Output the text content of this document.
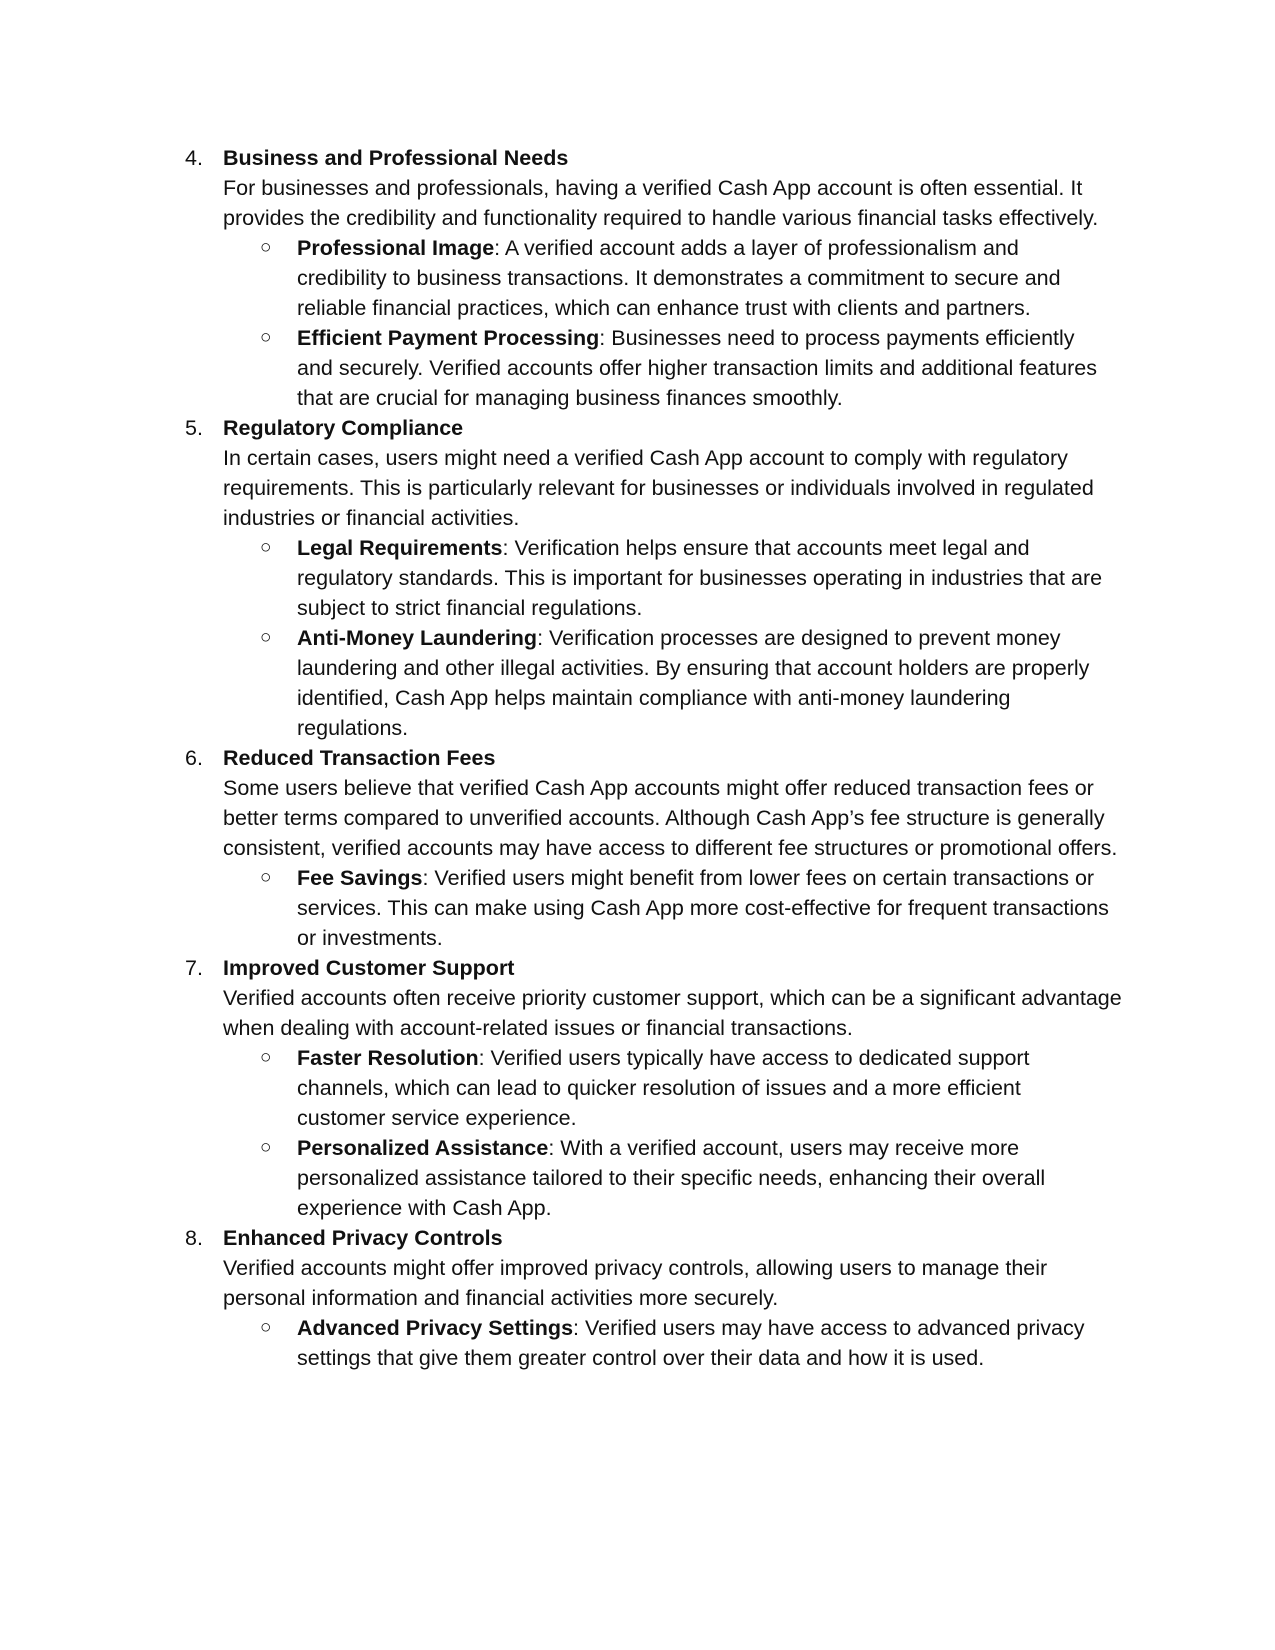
4. Business and Professional Needs
For businesses and professionals, having a verified Cash App account is often essential. It provides the credibility and functionality required to handle various financial tasks effectively.
○ Professional Image: A verified account adds a layer of professionalism and credibility to business transactions. It demonstrates a commitment to secure and reliable financial practices, which can enhance trust with clients and partners.
○ Efficient Payment Processing: Businesses need to process payments efficiently and securely. Verified accounts offer higher transaction limits and additional features that are crucial for managing business finances smoothly.
5. Regulatory Compliance
In certain cases, users might need a verified Cash App account to comply with regulatory requirements. This is particularly relevant for businesses or individuals involved in regulated industries or financial activities.
○ Legal Requirements: Verification helps ensure that accounts meet legal and regulatory standards. This is important for businesses operating in industries that are subject to strict financial regulations.
○ Anti-Money Laundering: Verification processes are designed to prevent money laundering and other illegal activities. By ensuring that account holders are properly identified, Cash App helps maintain compliance with anti-money laundering regulations.
6. Reduced Transaction Fees
Some users believe that verified Cash App accounts might offer reduced transaction fees or better terms compared to unverified accounts. Although Cash App’s fee structure is generally consistent, verified accounts may have access to different fee structures or promotional offers.
○ Fee Savings: Verified users might benefit from lower fees on certain transactions or services. This can make using Cash App more cost-effective for frequent transactions or investments.
7. Improved Customer Support
Verified accounts often receive priority customer support, which can be a significant advantage when dealing with account-related issues or financial transactions.
○ Faster Resolution: Verified users typically have access to dedicated support channels, which can lead to quicker resolution of issues and a more efficient customer service experience.
○ Personalized Assistance: With a verified account, users may receive more personalized assistance tailored to their specific needs, enhancing their overall experience with Cash App.
8. Enhanced Privacy Controls
Verified accounts might offer improved privacy controls, allowing users to manage their personal information and financial activities more securely.
○ Advanced Privacy Settings: Verified users may have access to advanced privacy settings that give them greater control over their data and how it is used.
